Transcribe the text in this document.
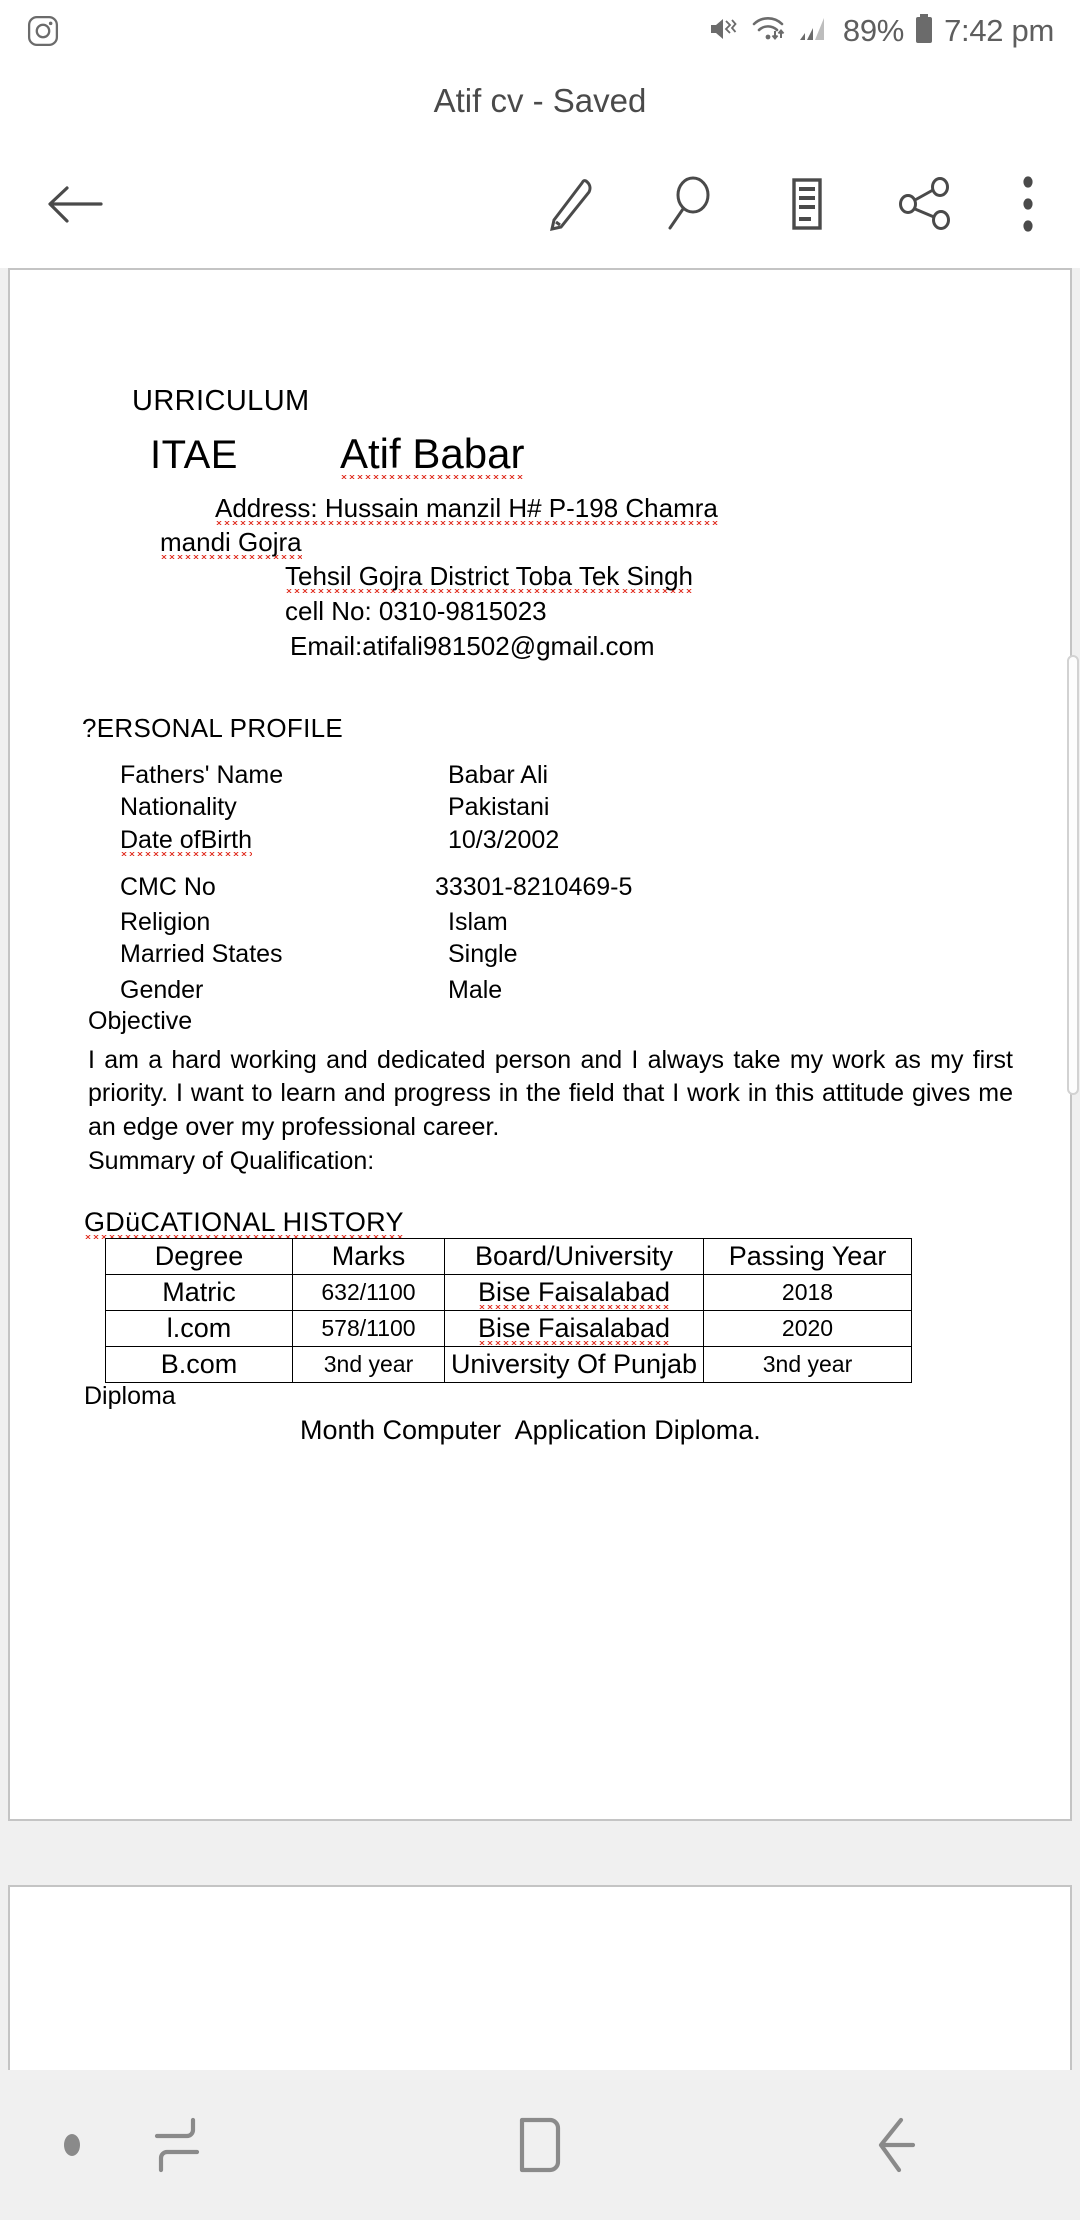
89% 7:42 pm
Atif cv - Saved
URRICULUM
ITAE Atif Babar
Address: Hussain manzil H# P-198 Chamra
mandi Gojra
Tehsil Gojra District Toba Tek Singh
cell No: 0310-9815023
Email:atifali981502@gmail.com
?ERSONAL PROFILE
Fathers' Name	Babar Ali
Nationality	Pakistani
Date ofBirth	10/3/2002
CMC No	33301-8210469-5
Religion	Islam
Married States	Single
Gender	Male
Objective
I am a hard working and dedicated person and I always take my work as my first priority. I want to learn and progress in the field that I work in this attitude gives me an edge over my professional career.
Summary of Qualification:
GDüCATIONAL HISTORY
Degree	Marks	Board/University	Passing Year
Matric	632/1100	Bise Faisalabad	2018
l.com	578/1100	Bise Faisalabad	2020
B.com	3nd year	University Of Punjab	3nd year
Diploma
Month Computer  Application Diploma.
